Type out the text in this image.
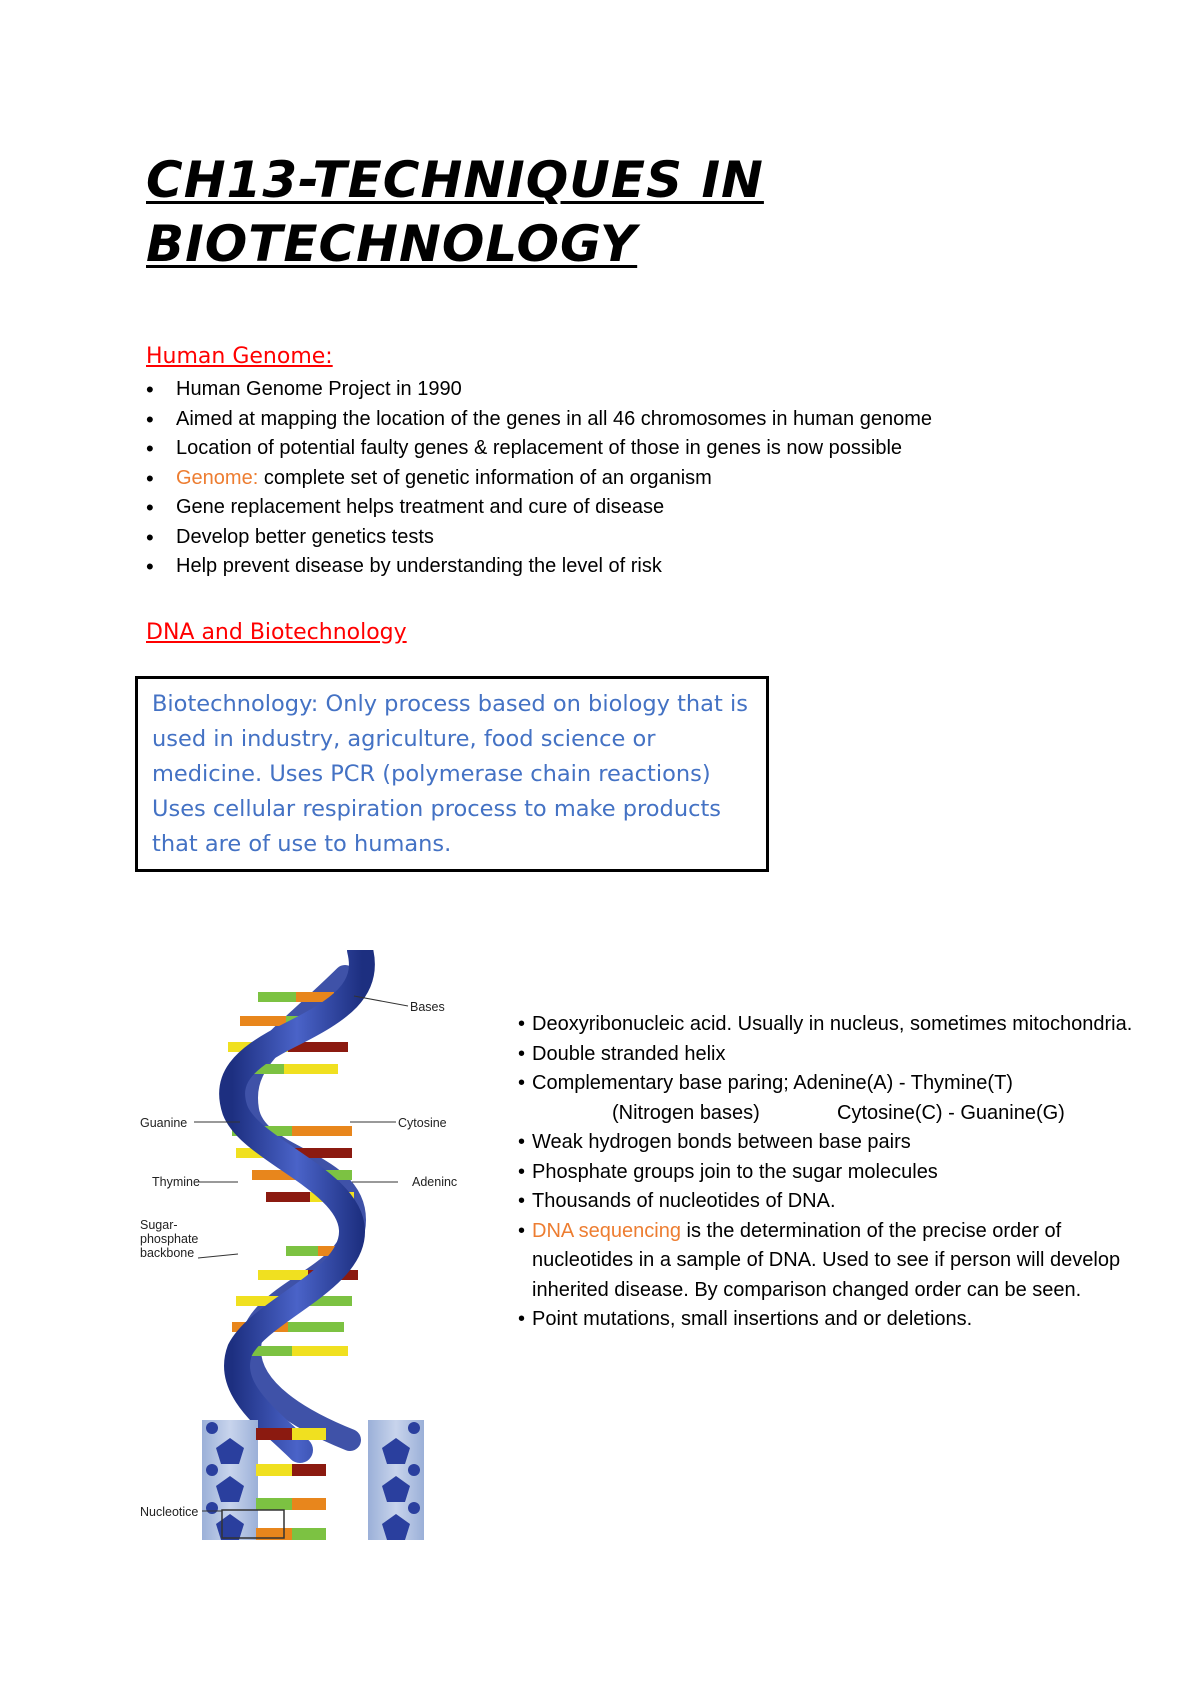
CH13-TECHNIQUES IN
BIOTECHNOLOGY
Human Genome:
• Human Genome Project in 1990
• Aimed at mapping the location of the genes in all 46 chromosomes in human genome
• Location of potential faulty genes & replacement of those in genes is now possible
• Genome: complete set of genetic information of an organism
• Gene replacement helps treatment and cure of disease
• Develop better genetics tests
• Help prevent disease by understanding the level of risk
DNA and Biotechnology
Biotechnology: Only process based on biology that is used in industry, agriculture, food science or medicine. Uses PCR (polymerase chain reactions) Uses cellular respiration process to make products that are of use to humans.
Bases
Guanine	Cytosine
Thymine	Adeninc
Sugar-
phosphate
backbone
Nucleotice
• Deoxyribonucleic acid. Usually in nucleus, sometimes mitochondria.
• Double stranded helix
• Complementary base paring; Adenine(A) - Thymine(T)
(Nitrogen bases)	Cytosine(C) - Guanine(G)
• Weak hydrogen bonds between base pairs
• Phosphate groups join to the sugar molecules
• Thousands of nucleotides of DNA.
• DNA sequencing is the determination of the precise order of nucleotides in a sample of DNA. Used to see if person will develop inherited disease. By comparison changed order can be seen.
• Point mutations, small insertions and or deletions.
